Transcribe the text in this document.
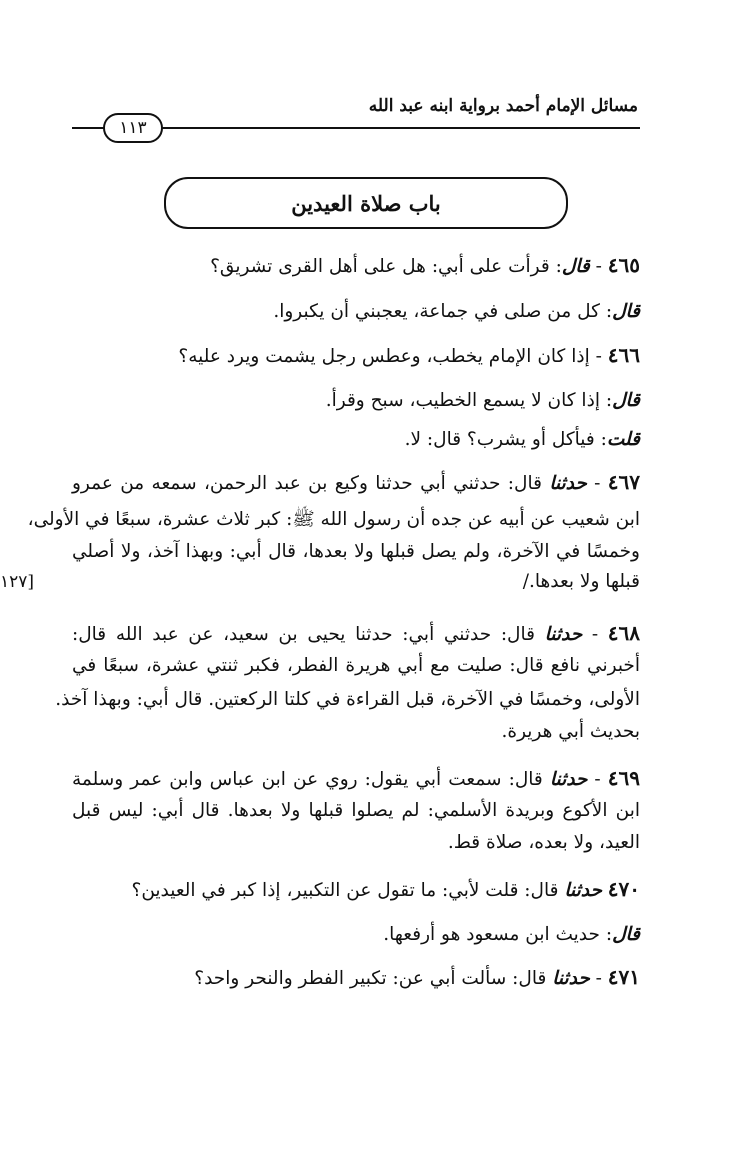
مسائل الإمام أحمد برواية ابنه عبد الله
١١٣
باب صلاة العيدين
٤٦٥ - قال: قرأت على أبي: هل على أهل القرى تشريق؟
قال: كل من صلى في جماعة، يعجبني أن يكبروا.
٤٦٦ - إذا كان الإمام يخطب، وعطس رجل يشمت ويرد عليه؟
قال: إذا كان لا يسمع الخطيب، سبح وقرأ.
قلت: فيأكل أو يشرب؟ قال: لا.
٤٦٧ - حدثنا قال: حدثني أبي حدثنا وكيع بن عبد الرحمن، سمعه من عمرو
ابن شعيب عن أبيه عن جده أن رسول الله ﷺ: كبر ثلاث عشرة، سبعًا في الأولى،
وخمسًا في الآخرة، ولم يصل قبلها ولا بعدها، قال أبي: وبهذا آخذ، ولا أصلي
قبلها ولا بعدها./
[١٢٧
٤٦٨ - حدثنا قال: حدثني أبي: حدثنا يحيى بن سعيد، عن عبد الله قال:
أخبرني نافع قال: صليت مع أبي هريرة الفطر، فكبر ثنتي عشرة، سبعًا في
الأولى، وخمسًا في الآخرة، قبل القراءة في كلتا الركعتين. قال أبي: وبهذا آخذ.
بحديث أبي هريرة.
٤٦٩ - حدثنا قال: سمعت أبي يقول: روي عن ابن عباس وابن عمر وسلمة
ابن الأكوع وبريدة الأسلمي: لم يصلوا قبلها ولا بعدها. قال أبي: ليس قبل
العيد، ولا بعده، صلاة قط.
٤٧٠ حدثنا قال: قلت لأبي: ما تقول عن التكبير، إذا كبر في العيدين؟
قال: حديث ابن مسعود هو أرفعها.
٤٧١ - حدثنا قال: سألت أبي عن: تكبير الفطر والنحر واحد؟
